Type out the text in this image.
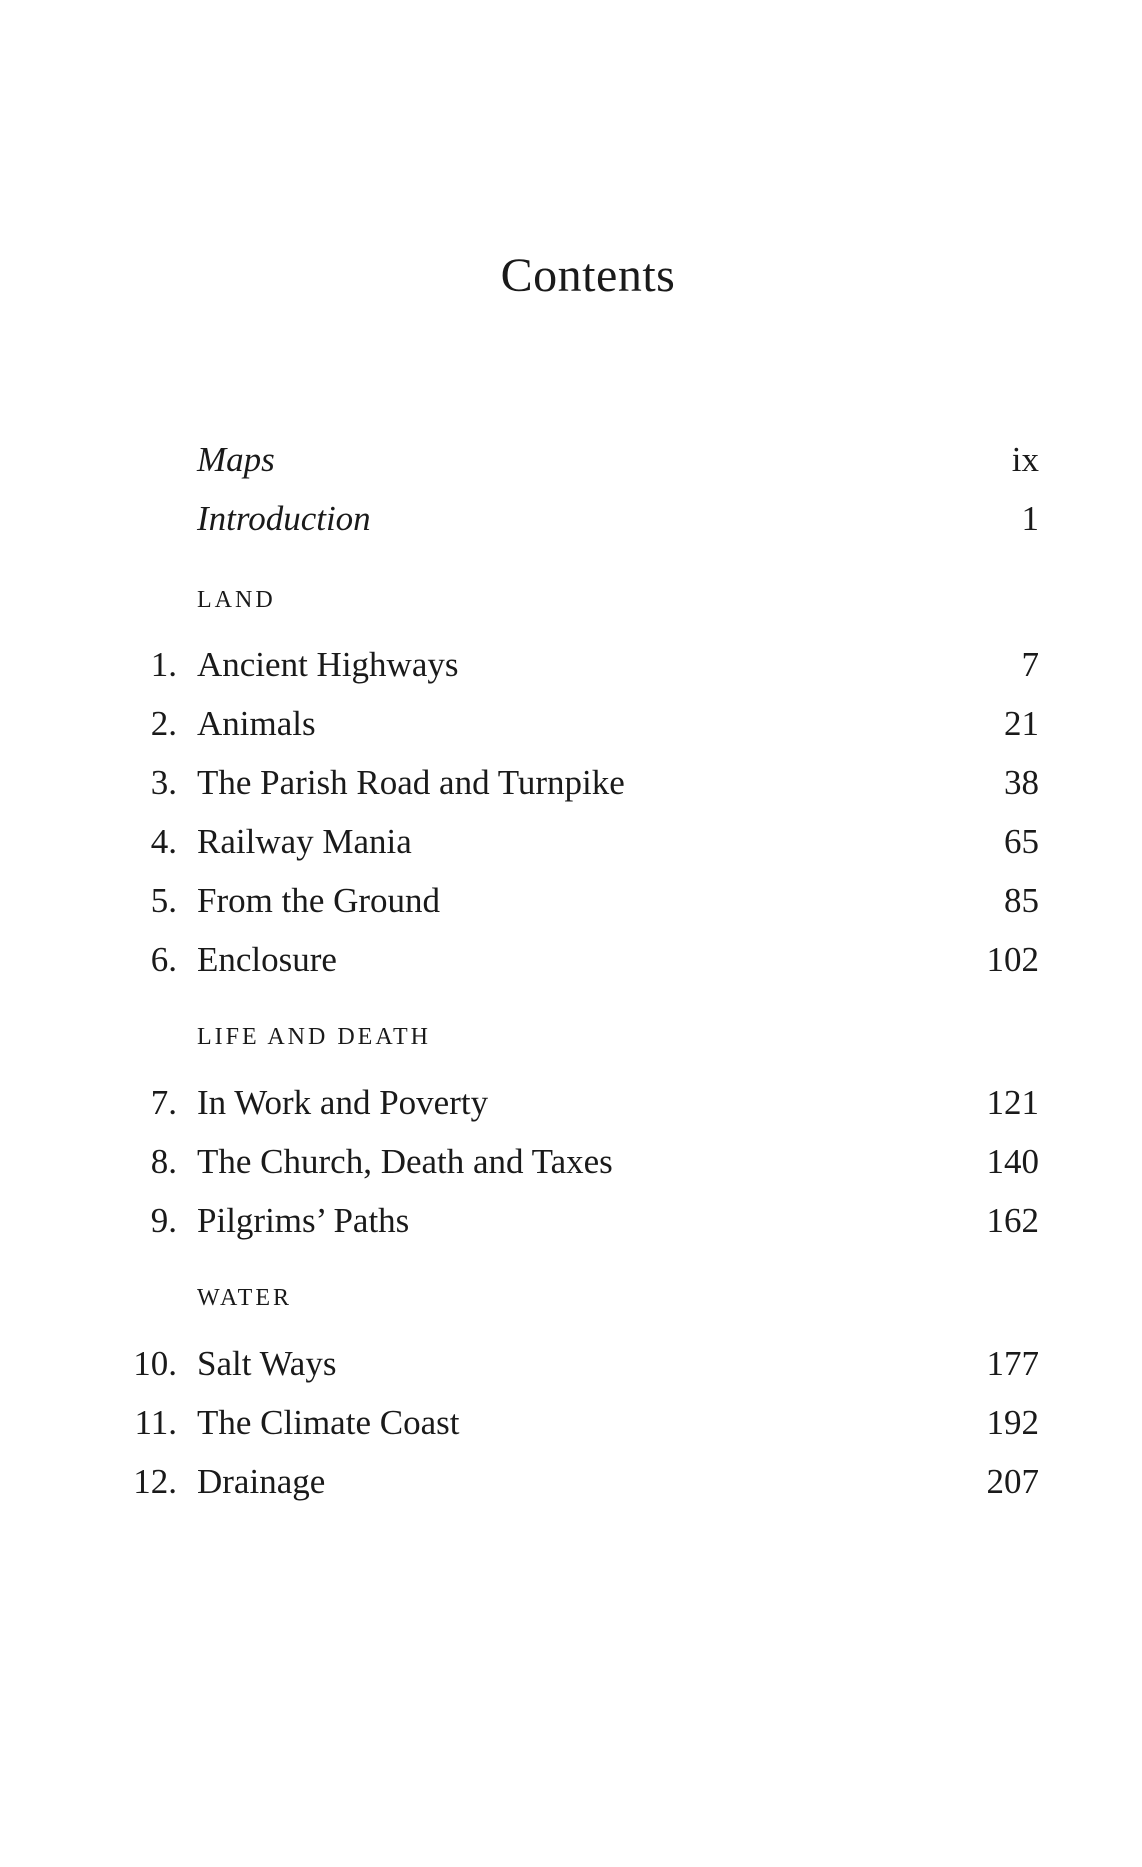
Contents
Maps	ix
Introduction	1
LAND
1. Ancient Highways	7
2. Animals	21
3. The Parish Road and Turnpike	38
4. Railway Mania	65
5. From the Ground	85
6. Enclosure	102
LIFE AND DEATH
7. In Work and Poverty	121
8. The Church, Death and Taxes	140
9. Pilgrims’ Paths	162
WATER
10. Salt Ways	177
11. The Climate Coast	192
12. Drainage	207
